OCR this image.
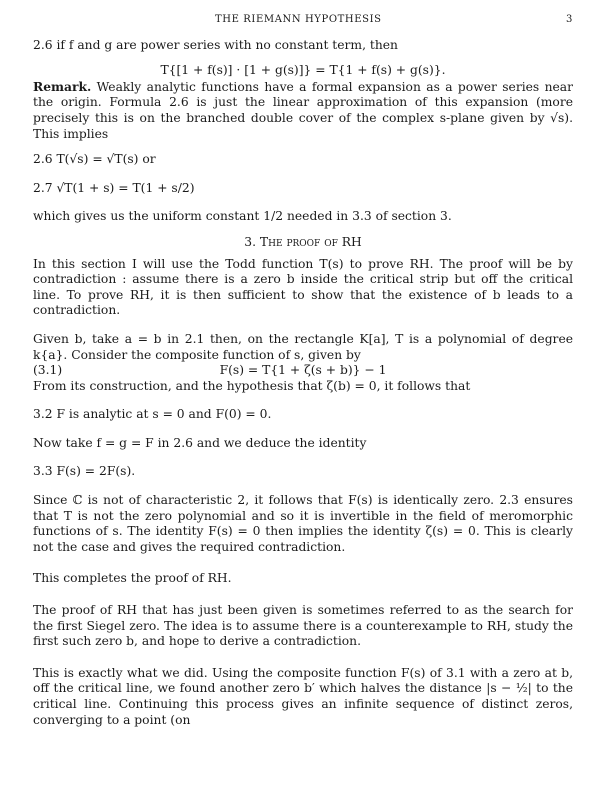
THE RIEMANN HYPOTHESIS	3

2.6 if f and g are power series with no constant term, then

T{[1 + f(s)] · [1 + g(s)]} = T{1 + f(s) + g(s)}.

Remark. Weakly analytic functions have a formal expansion as a power series near the origin. Formula 2.6 is just the linear approximation of this expansion (more precisely this is on the branched double cover of the complex s-plane given by √s). This implies

2.6 T(√s) = √T(s) or

2.7 √T(1 + s) = T(1 + s/2)

which gives us the uniform constant 1/2 needed in 3.3 of section 3.

3. The proof of RH

In this section I will use the Todd function T(s) to prove RH. The proof will be by contradiction : assume there is a zero b inside the critical strip but off the critical line. To prove RH, it is then sufficient to show that the existence of b leads to a contradiction.

Given b, take a = b in 2.1 then, on the rectangle K[a], T is a polynomial of degree k{a}. Consider the composite function of s, given by

(3.1)	F(s) = T{1 + ζ(s + b)} − 1

From its construction, and the hypothesis that ζ(b) = 0, it follows that

3.2 F is analytic at s = 0 and F(0) = 0.

Now take f = g = F in 2.6 and we deduce the identity

3.3 F(s) = 2F(s).

Since ℂ is not of characteristic 2, it follows that F(s) is identically zero. 2.3 ensures that T is not the zero polynomial and so it is invertible in the field of meromorphic functions of s. The identity F(s) = 0 then implies the identity ζ(s) = 0. This is clearly not the case and gives the required contradiction.

This completes the proof of RH.

The proof of RH that has just been given is sometimes referred to as the search for the first Siegel zero. The idea is to assume there is a counterexample to RH, study the first such zero b, and hope to derive a contradiction.

This is exactly what we did. Using the composite function F(s) of 3.1 with a zero at b, off the critical line, we found another zero b′ which halves the distance |s − ½| to the critical line. Continuing this process gives an infinite sequence of distinct zeros, converging to a point (on
